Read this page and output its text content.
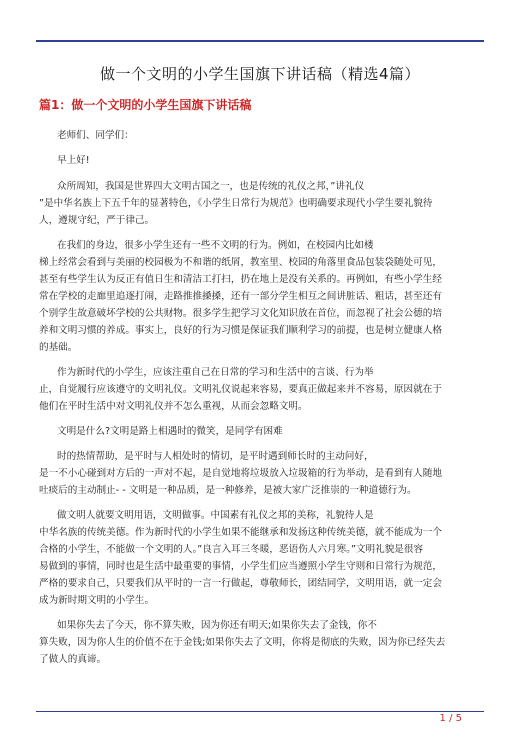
做一个文明的小学生国旗下讲话稿（精选4篇）
篇1：做一个文明的小学生国旗下讲话稿
老师们、同学们：
早上好!
众所周知，我国是世界四大文明古国之一，也是传统的礼仪之邦，”讲礼仪
”是中华名族上下五千年的显著特色，《小学生日常行为规范》也明确要求现代小学生要礼貌待
人，遵规守纪，严于律己。
在我们的身边，很多小学生还有一些不文明的行为。例如，在校园内比如楼
梯上经常会看到与美丽的校园极为不和谐的纸屑，教室里、校园的角落里食品包装袋随处可见，
甚至有些学生认为反正有值日生和清洁工打扫，扔在地上是没有关系的。再例如，有些小学生经
常在学校的走廊里追逐打闹，走路推推搡搡，还有一部分学生相互之间讲脏话、粗话，甚至还有
个别学生故意破坏学校的公共财物。很多学生把学习文化知识放在首位，而忽视了社会公德的培
养和文明习惯的养成。事实上，良好的行为习惯是保证我们顺利学习的前提，也是树立健康人格
的基础。
作为新时代的小学生，应该注重自己在日常的学习和生活中的言谈、行为举
止，自觉履行应该遵守的文明礼仪。文明礼仪说起来容易，要真正做起来并不容易，原因就在于
他们在平时生活中对文明礼仪并不怎么重视，从而会忽略文明。
文明是什么?文明是路上相遇时的微笑，是同学有困难
时的热情帮助，是平时与人相处时的情切，是平时遇到师长时的主动问好，
是一不小心碰到对方后的一声对不起，是自觉地将垃圾放入垃圾箱的行为举动，是看到有人随地
吐痰后的主动制止- - 文明是一种品质，是一种修养，是被大家广泛推崇的一种道德行为。
做文明人就要文明用语，文明做事。中国素有礼仪之邦的美称，礼貌待人是
中华名族的传统美德。作为新时代的小学生如果不能继承和发扬这种传统美德，就不能成为一个
合格的小学生，不能做一个文明的人。”良言入耳三冬暖，恶语伤人六月寒。”文明礼貌是很容
易做到的事情，同时也是生活中最重要的事情，小学生们应当遵照小学生守则和日常行为规范，
严格的要求自己，只要我们从平时的一言一行做起，尊敬师长，团结同学，文明用语，就一定会
成为新时期文明的小学生。
如果你失去了今天，你不算失败，因为你还有明天;如果你失去了金钱，你不
算失败，因为你人生的价值不在于金钱;如果你失去了文明，你将是彻底的失败，因为你已经失去
了做人的真谛。
1 / 5
